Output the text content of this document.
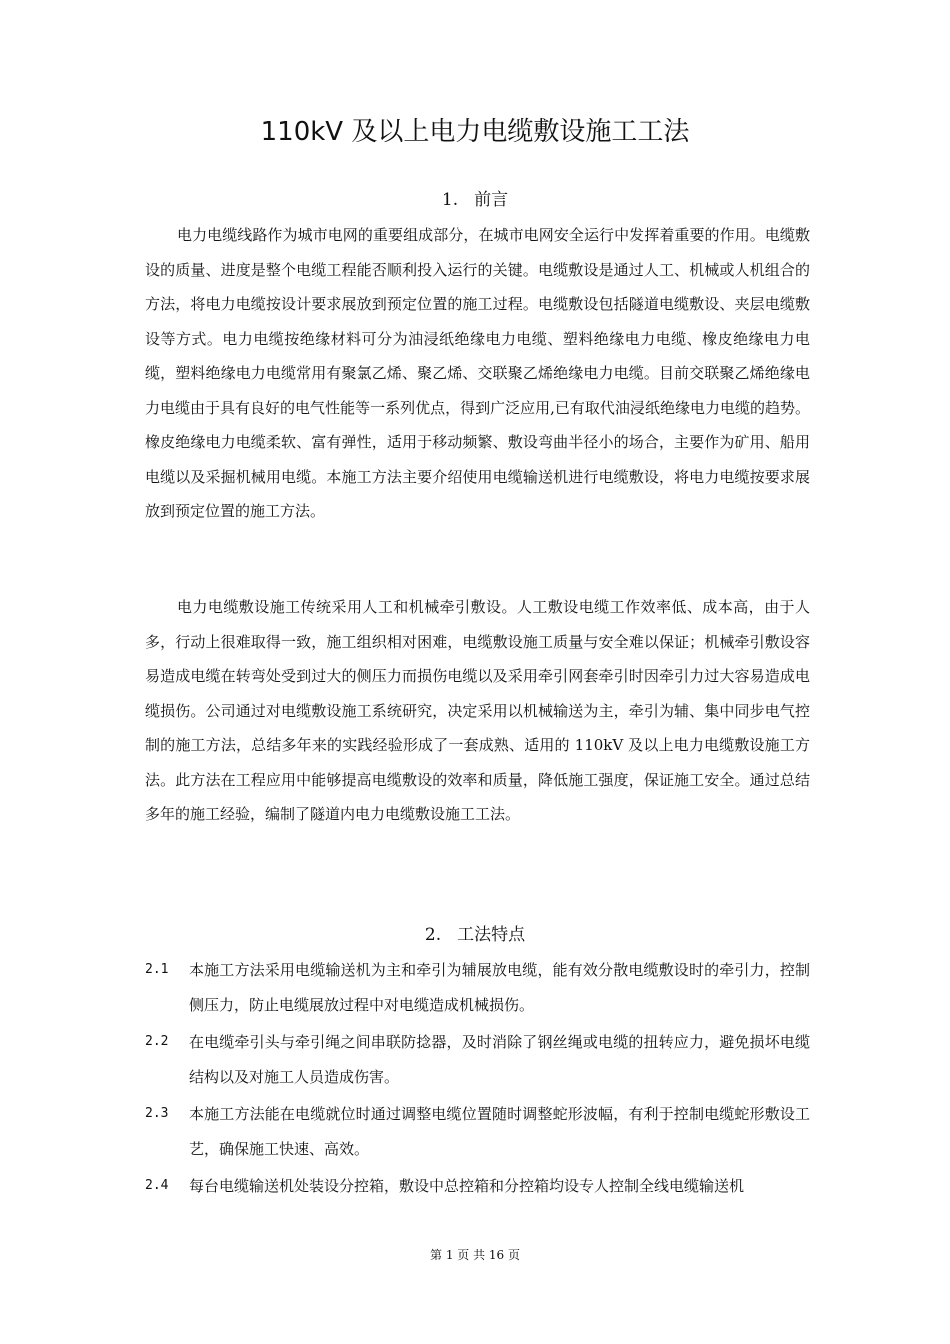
110kV 及以上电力电缆敷设施工工法
1. 前言

电力电缆线路作为城市电网的重要组成部分，在城市电网安全运行中发挥着重要的作用。电缆敷设的质量、进度是整个电缆工程能否顺利投入运行的关键。电缆敷设是通过人工、机械或人机组合的方法，将电力电缆按设计要求展放到预定位置的施工过程。电缆敷设包括隧道电缆敷设、夹层电缆敷设等方式。电力电缆按绝缘材料可分为油浸纸绝缘电力电缆、塑料绝缘电力电缆、橡皮绝缘电力电缆，塑料绝缘电力电缆常用有聚氯乙烯、聚乙烯、交联聚乙烯绝缘电力电缆。目前交联聚乙烯绝缘电力电缆由于具有良好的电气性能等一系列优点，得到广泛应用,已有取代油浸纸绝缘电力电缆的趋势。橡皮绝缘电力电缆柔软、富有弹性，适用于移动频繁、敷设弯曲半径小的场合，主要作为矿用、船用电缆以及采掘机械用电缆。本施工方法主要介绍使用电缆输送机进行电缆敷设，将电力电缆按要求展放到预定位置的施工方法。

电力电缆敷设施工传统采用人工和机械牵引敷设。人工敷设电缆工作效率低、成本高，由于人多，行动上很难取得一致，施工组织相对困难，电缆敷设施工质量与安全难以保证；机械牵引敷设容易造成电缆在转弯处受到过大的侧压力而损伤电缆以及采用牵引网套牵引时因牵引力过大容易造成电缆损伤。公司通过对电缆敷设施工系统研究，决定采用以机械输送为主，牵引为辅、集中同步电气控制的施工方法，总结多年来的实践经验形成了一套成熟、适用的 110kV 及以上电力电缆敷设施工方法。此方法在工程应用中能够提高电缆敷设的效率和质量，降低施工强度，保证施工安全。通过总结多年的施工经验，编制了隧道内电力电缆敷设施工工法。

2. 工法特点
2.1 本施工方法采用电缆输送机为主和牵引为辅展放电缆，能有效分散电缆敷设时的牵引力，控制侧压力，防止电缆展放过程中对电缆造成机械损伤。
2.2 在电缆牵引头与牵引绳之间串联防捻器，及时消除了钢丝绳或电缆的扭转应力，避免损坏电缆结构以及对施工人员造成伤害。
2.3 本施工方法能在电缆就位时通过调整电缆位置随时调整蛇形波幅，有利于控制电缆蛇形敷设工艺，确保施工快速、高效。
2.4 每台电缆输送机处装设分控箱，敷设中总控箱和分控箱均设专人控制全线电缆输送机
第 1 页 共 16 页
